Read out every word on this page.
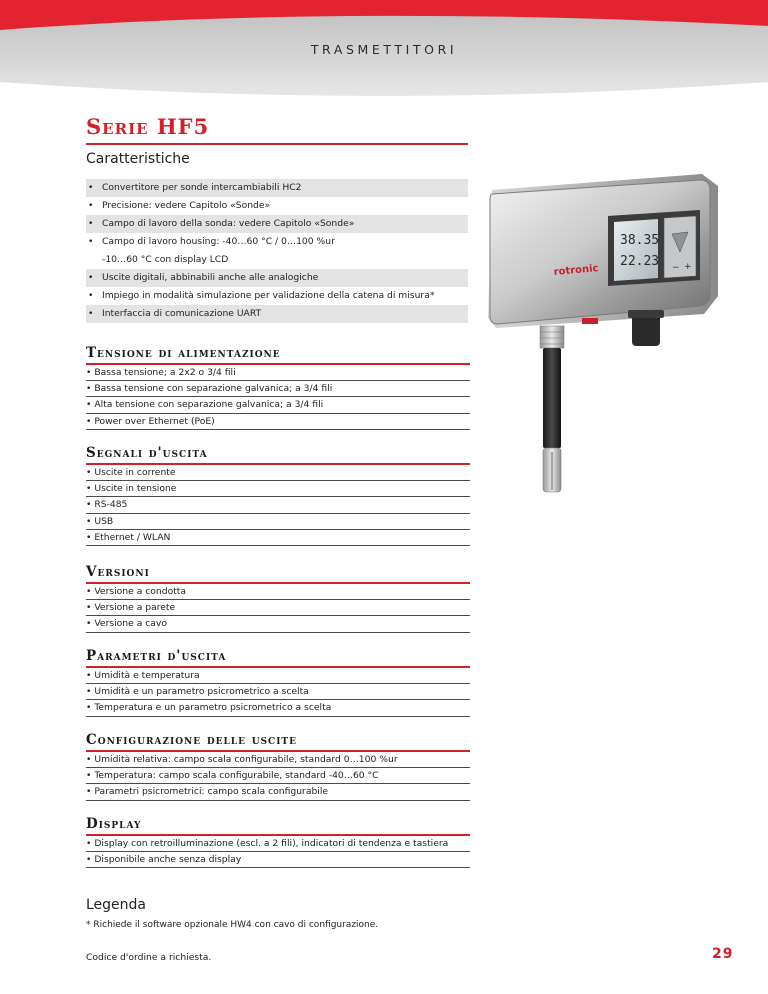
TRASMETTITORI
Serie HF5
Caratteristiche
• Convertitore per sonde intercambiabili HC2
• Precisione: vedere Capitolo «Sonde»
• Campo di lavoro della sonda: vedere Capitolo «Sonde»
• Campo di lavoro housing: -40…60 °C / 0…100 %ur
-10…60 °C con display LCD
• Uscite digitali, abbinabili anche alle analogiche
• Impiego in modalità simulazione per validazione della catena di misura*
• Interfaccia di comunicazione UART
Tensione di alimentazione
• Bassa tensione; a 2x2 o 3/4 fili
• Bassa tensione con separazione galvanica; a 3/4 fili
• Alta tensione con separazione galvanica; a 3/4 fili
• Power over Ethernet (PoE)
Segnali d'uscita
• Uscite in corrente
• Uscite in tensione
• RS-485
• USB
• Ethernet / WLAN
Versioni
• Versione a condotta
• Versione a parete
• Versione a cavo
Parametri d'uscita
• Umidità e temperatura
• Umidità e un parametro psicrometrico a scelta
• Temperatura e un parametro psicrometrico a scelta
Configurazione delle uscite
• Umidità relativa: campo scala configurabile, standard 0…100 %ur
• Temperatura: campo scala configurabile, standard -40…60 °C
• Parametri psicrometrici: campo scala configurabile
Display
• Display con retroilluminazione (escl. a 2 fili), indicatori di tendenza e tastiera
• Disponibile anche senza display
Legenda
* Richiede il software opzionale HW4 con cavo di configurazione.
Codice d'ordine a richiesta.	29
38.35
22.23 − +
rotronic
